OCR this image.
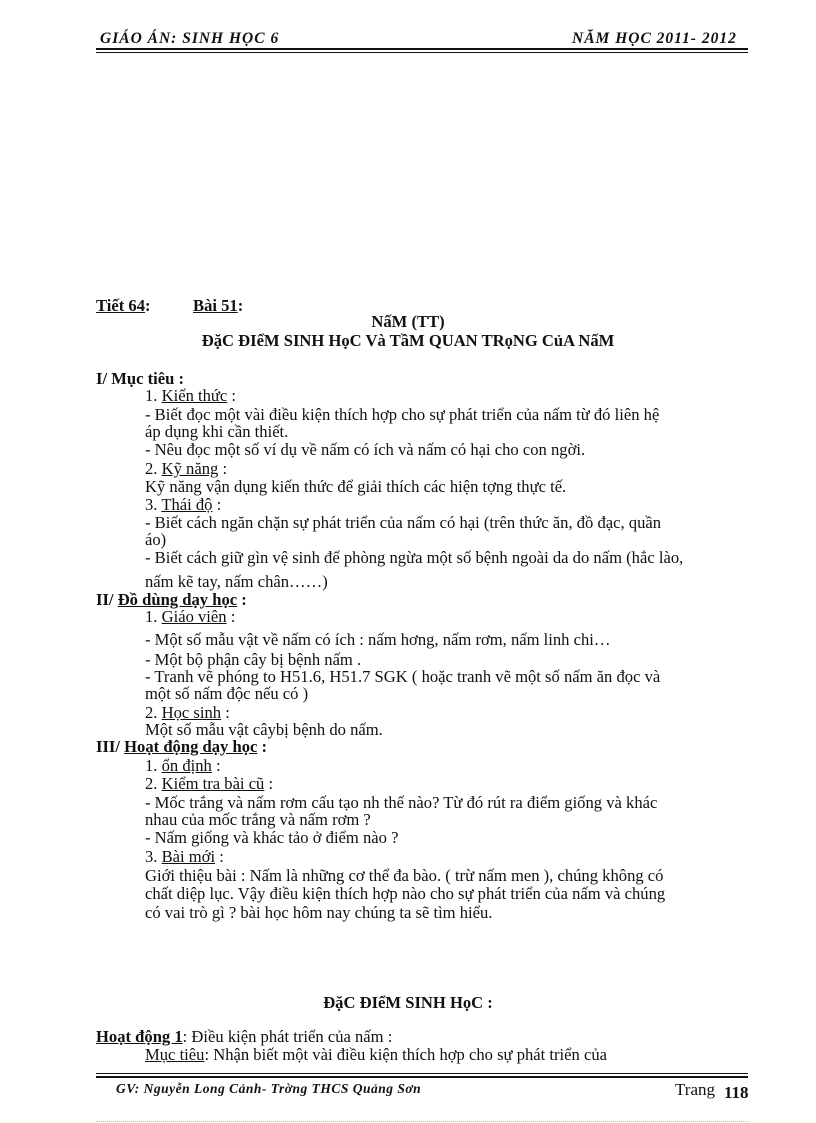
GIÁO ÁN: SINH HỌC 6	NĂM HỌC 2011- 2012
Tiết 64:	Bài 51:
NấM (TT)
ĐặC ĐIểM SINH HọC Và TầM QUAN TRọNG CủA NấM
I/ Mục tiêu :
1. Kiến thức :
- Biết đọc một vài điều kiện thích hợp cho sự phát triển của nấm từ đó liên hệ
áp dụng khi cần thiết.
- Nêu đọc một số ví dụ về nấm có ích và nấm có hại cho con ngời.
2. Kỹ năng :
Kỹ năng vận dụng kiến thức để giải thích các hiện tợng thực tế.
3. Thái độ :
- Biết cách ngăn chặn sự phát triển của nấm có hại (trên thức ăn, đồ đạc, quần
áo)
- Biết cách giữ gìn vệ sinh để phòng ngừa một số bệnh ngoài da do nấm (hắc lào,
nấm kẽ tay, nấm chân……)
II/ Đồ dùng dạy học :
1. Giáo viên :
- Một số mẫu vật về nấm có ích : nấm hơng, nấm rơm, nấm linh chi…
- Một bộ phận cây bị bệnh nấm .
- Tranh vẽ phóng to H51.6, H51.7 SGK ( hoặc tranh vẽ một số nấm ăn đọc và
một số nấm độc nếu có )
2. Học sinh :
Một số mẫu vật câybị bệnh do nấm.
III/ Hoạt động dạy học :
1. ổn định :
2. Kiểm tra bài cũ :
- Mốc trắng và nấm rơm cấu tạo nh thế nào? Từ đó rút ra điểm giống và khác
nhau của mốc trắng và nấm rơm ?
- Nấm giống và khác tảo ở điểm nào ?
3. Bài mới :
Giới thiệu bài : Nấm là những cơ thể đa bào. ( trừ nấm men ), chúng không có
chất diệp lục. Vậy điều kiện thích hợp nào cho sự phát triển của nấm và chúng
có vai trò gì ? bài học hôm nay chúng ta sẽ tìm hiểu.
ĐặC ĐIểM SINH HọC :
Hoạt động 1: Điều kiện phát triển của nấm :
Mục tiêu: Nhận biết một vài điều kiện thích hợp cho sự phát triển của
GV: Nguyễn Long Cảnh- Trờng THCS Quảng Sơn	Trang 118
